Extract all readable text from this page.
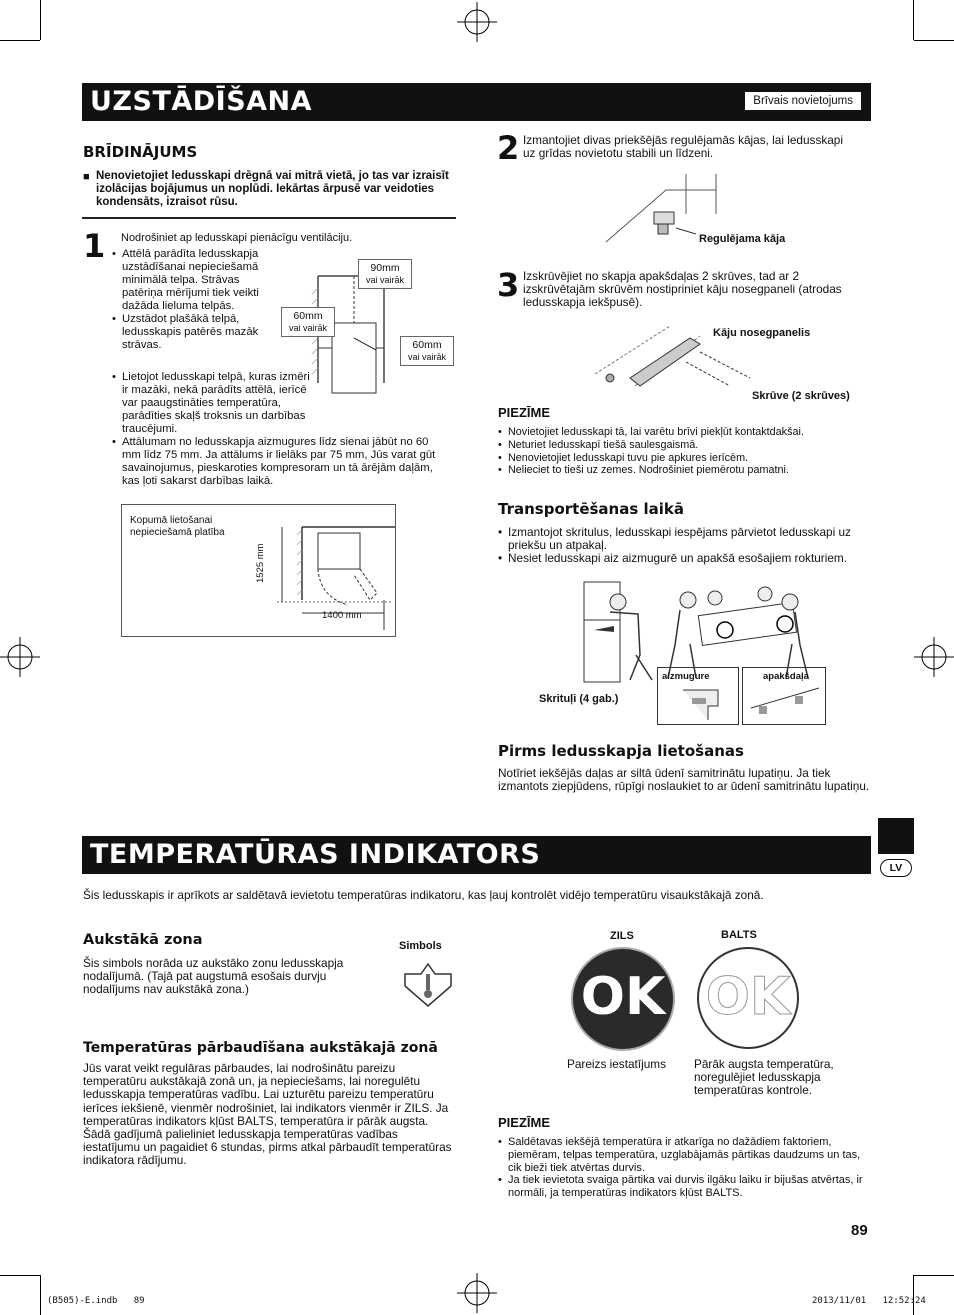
UZSTĀDĪŠANA	Brīvais novietojums
BRĪDINĀJUMS
■ Nenovietojiet ledusskapi drēgnā vai mitrā vietā, jo tas var izraisīt izolācijas bojājumus un noplūdi. Iekārtas ārpusē var veidoties kondensāts, izraisot rūsu.
1 Nodrošiniet ap ledusskapi pienācīgu ventilāciju.
• Attēlā parādīta ledusskapja uzstādīšanai nepieciešamā minimālā telpa. Strāvas patēriņa mērījumi tiek veikti dažāda lieluma telpās.
• Uzstādot plašākā telpā, ledusskapis patērēs mazāk strāvas.
• Lietojot ledusskapi telpā, kuras izmēri ir mazāki, nekā parādīts attēlā, ierīcē var paaugstināties temperatūra, parādīties skaļš troksnis un darbības traucējumi.
• Attālumam no ledusskapja aizmugures līdz sienai jābūt no 60 mm līdz 75 mm. Ja attālums ir lielāks par 75 mm, Jūs varat gūt savainojumus, pieskaroties kompresoram un tā ārējām daļām, kas ļoti sakarst darbības laikā.
90mm
vai vairāk
60mm
vai vairāk
60mm
vai vairāk
Kopumā lietošanai nepieciešamā platība
1525 mm
1400 mm
2 Izmantojiet divas priekšējās regulējamās kājas, lai ledusskapi uz grīdas novietotu stabili un līdzeni.
Regulējama kāja
3 Izskrūvējiet no skapja apakšdaļas 2 skrūves, tad ar 2 izskrūvētajām skrūvēm nostipriniet kāju nosegpaneli (atrodas ledusskapja iekšpusē).
Kāju nosegpanelis
Skrūve (2 skrūves)
PIEZĪME
• Novietojiet ledusskapi tā, lai varētu brīvi piekļūt kontaktdakšai.
• Neturiet ledusskapī tiešā saulesgaismā.
• Nenovietojiet ledusskapi tuvu pie apkures ierīcēm.
• Nelieciet to tieši uz zemes. Nodrošiniet piemērotu pamatni.
Transportēšanas laikā
• Izmantojot skritulus, ledusskapi iespējams pārvietot ledusskapi uz priekšu un atpakaļ.
• Nesiet ledusskapi aiz aizmugurē un apakšā esošajiem rokturiem.
Skrituļi (4 gab.)
aizmugure	apakšdaļa
Pirms ledusskapja lietošanas
Notīriet iekšējās daļas ar siltā ūdenī samitrinātu lupatiņu. Ja tiek izmantots ziepjūdens, rūpīgi noslaukiet to ar ūdenī samitrinātu lupatiņu.
LV
TEMPERATŪRAS INDIKATORS
Šis ledusskapis ir aprīkots ar saldētavā ievietotu temperatūras indikatoru, kas ļauj kontrolēt vidējo temperatūru visaukstākajā zonā.
Aukstākā zona
Šis simbols norāda uz aukstāko zonu ledusskapja nodalījumā. (Tajā pat augstumā esošais durvju nodalījums nav aukstākā zona.)
Simbols
Temperatūras pārbaudīšana aukstākajā zonā
Jūs varat veikt regulāras pārbaudes, lai nodrošinātu pareizu temperatūru aukstākajā zonā un, ja nepieciešams, lai noregulētu ledusskapja temperatūras vadību. Lai uzturētu pareizu temperatūru ierīces iekšienē, vienmēr nodrošiniet, lai indikators vienmēr ir ZILS. Ja temperatūras indikators kļūst BALTS, temperatūra ir pārāk augsta. Šādā gadījumā palieliniet ledusskapja temperatūras vadības iestatījumu un pagaidiet 6 stundas, pirms atkal pārbaudīt temperatūras indikatora rādījumu.
ZILS	BALTS
OK OK
Pareizs iestatījums	Pārāk augsta temperatūra, noregulējiet ledusskapja temperatūras kontrole.
PIEZĪME
• Saldētavas iekšējā temperatūra ir atkarīga no dažādiem faktoriem, piemēram, telpas temperatūra, uzglabājamās pārtikas daudzums un tas, cik bieži tiek atvērtas durvis.
• Ja tiek ievietota svaiga pārtika vai durvis ilgāku laiku ir bijušas atvērtas, ir normāli, ja temperatūras indikators kļūst BALTS.
89
(B505)-E.indb   89	2013/11/01   12:52:24
